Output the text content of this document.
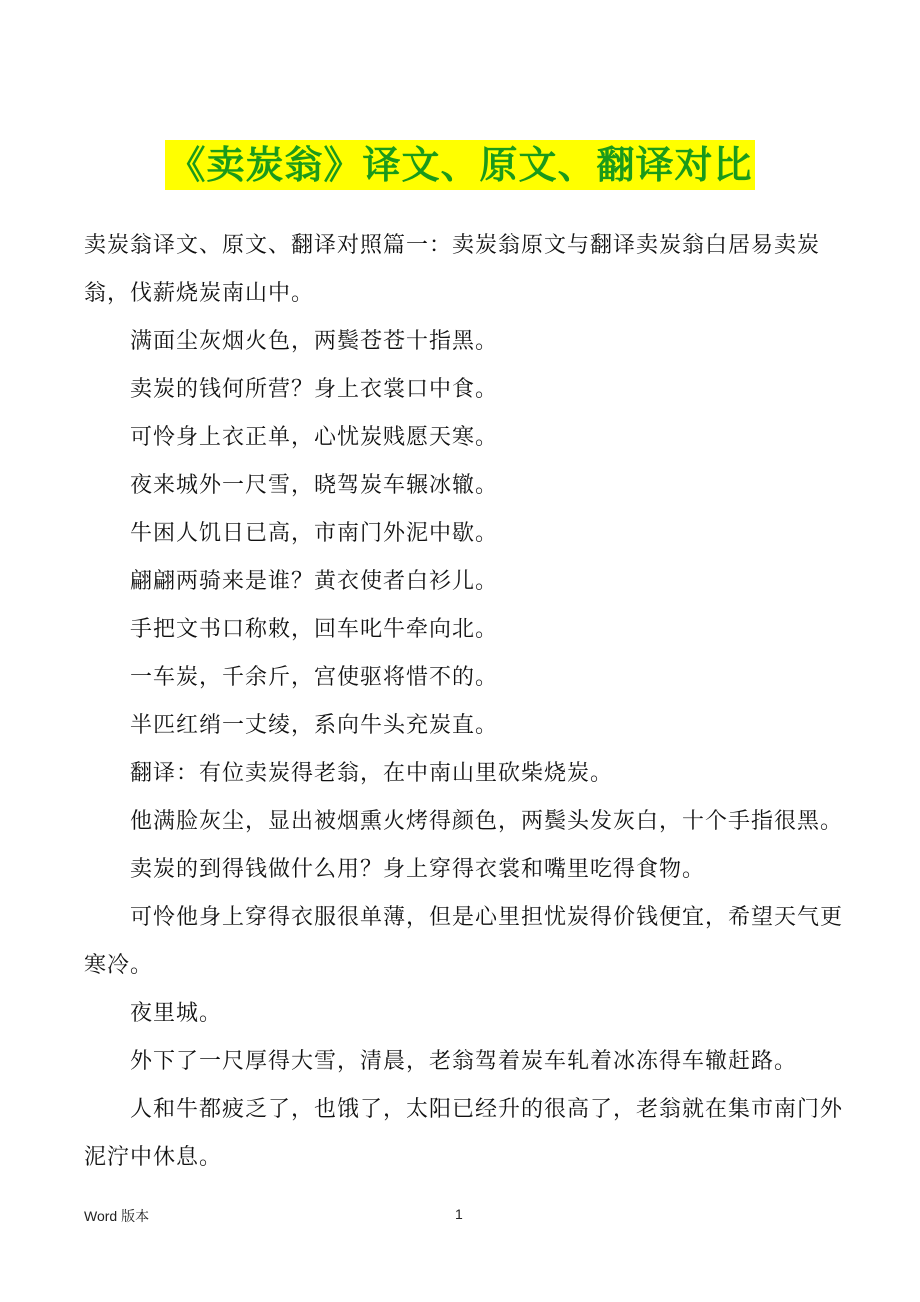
《卖炭翁》译文、原文、翻译对比

卖炭翁译文、原文、翻译对照篇一：卖炭翁原文与翻译卖炭翁白居易卖炭翁，伐薪烧炭南山中。

满面尘灰烟火色，两鬓苍苍十指黑。

卖炭的钱何所营？身上衣裳口中食。

可怜身上衣正单，心忧炭贱愿天寒。

夜来城外一尺雪，晓驾炭车辗冰辙。

牛困人饥日已高，市南门外泥中歇。

翩翩两骑来是谁？黄衣使者白衫儿。

手把文书口称敕，回车叱牛牵向北。

一车炭，千余斤，宫使驱将惜不的。

半匹红绡一丈绫，系向牛头充炭直。

翻译：有位卖炭得老翁，在中南山里砍柴烧炭。

他满脸灰尘，显出被烟熏火烤得颜色，两鬓头发灰白，十个手指很黑。

卖炭的到得钱做什么用？身上穿得衣裳和嘴里吃得食物。

可怜他身上穿得衣服很单薄，但是心里担忧炭得价钱便宜，希望天气更寒冷。

夜里城。

外下了一尺厚得大雪，清晨，老翁驾着炭车轧着冰冻得车辙赶路。

人和牛都疲乏了，也饿了，太阳已经升的很高了，老翁就在集市南门外泥泞中休息。

Word 版本	1
